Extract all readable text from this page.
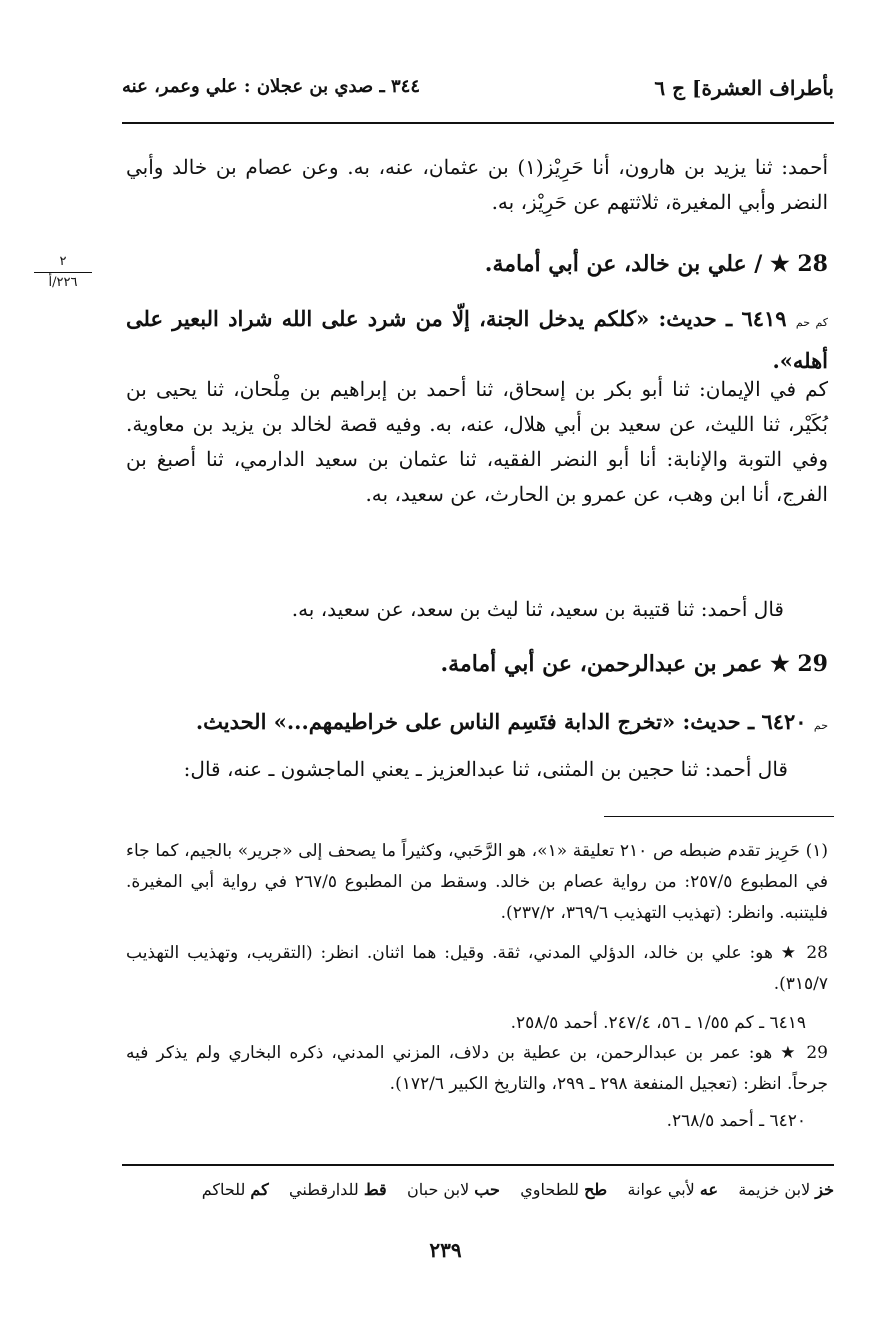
بأطراف العشرة] ج ٦
٣٤٤ ـ صدي بن عجلان : علي وعمر، عنه
٢
٢٢٦/أ
أحمد: ثنا يزيد بن هارون، أنا حَرِيْز(١) بن عثمان، عنه، به. وعن عصام بن خالد وأبي النضر وأبي المغيرة، ثلاثتهم عن حَرِيْز، به.
28 ★ / علي بن خالد، عن أبي أمامة.
كم حم ٦٤١٩ ـ حديث: «كلكم يدخل الجنة، إلّا من شرد على الله شراد البعير على أهله».
كم في الإيمان: ثنا أبو بكر بن إسحاق، ثنا أحمد بن إبراهيم بن مِلْحان، ثنا يحيى بن بُكَيْر، ثنا الليث، عن سعيد بن أبي هلال، عنه، به. وفيه قصة لخالد بن يزيد بن معاوية. وفي التوبة والإنابة: أنا أبو النضر الفقيه، ثنا عثمان بن سعيد الدارمي، ثنا أصبغ بن الفرج، أنا ابن وهب، عن عمرو بن الحارث، عن سعيد، به.
قال أحمد: ثنا قتيبة بن سعيد، ثنا ليث بن سعد، عن سعيد، به.
29 ★ عمر بن عبدالرحمن، عن أبي أمامة.
حم ٦٤٢٠ ـ حديث: «تخرج الدابة فتَسِم الناس على خراطيمهم...» الحديث.
قال أحمد: ثنا حجين بن المثنى، ثنا عبدالعزيز ـ يعني الماجشون ـ عنه، قال:
(١) حَرِيز تقدم ضبطه ص ٢١٠ تعليقة «١»، هو الرَّحَبي، وكثيراً ما يصحف إلى «جرير» بالجيم، كما جاء في المطبوع ٢٥٧/٥: من رواية عصام بن خالد. وسقط من المطبوع ٢٦٧/٥ في رواية أبي المغيرة. فليتنبه. وانظر: (تهذيب التهذيب ٣٦٩/٦، ٢٣٧/٢).
28 ★ هو: علي بن خالد، الدؤلي المدني، ثقة. وقيل: هما اثنان. انظر: (التقريب، وتهذيب التهذيب ٣١٥/٧).
٦٤١٩ ـ كم ١/٥٥ ـ ٥٦، ٢٤٧/٤. أحمد ٢٥٨/٥.
29 ★ هو: عمر بن عبدالرحمن، بن عطية بن دلاف، المزني المدني، ذكره البخاري ولم يذكر فيه جرحاً. انظر: (تعجيل المنفعة ٢٩٨ ـ ٢٩٩، والتاريخ الكبير ١٧٢/٦).
٦٤٢٠ ـ أحمد ٢٦٨/٥.
خز لابن خزيمة    عه لأبي عوانة    طح للطحاوي    حب لابن حبان    قط للدارقطني    كم للحاكم
٢٣٩
